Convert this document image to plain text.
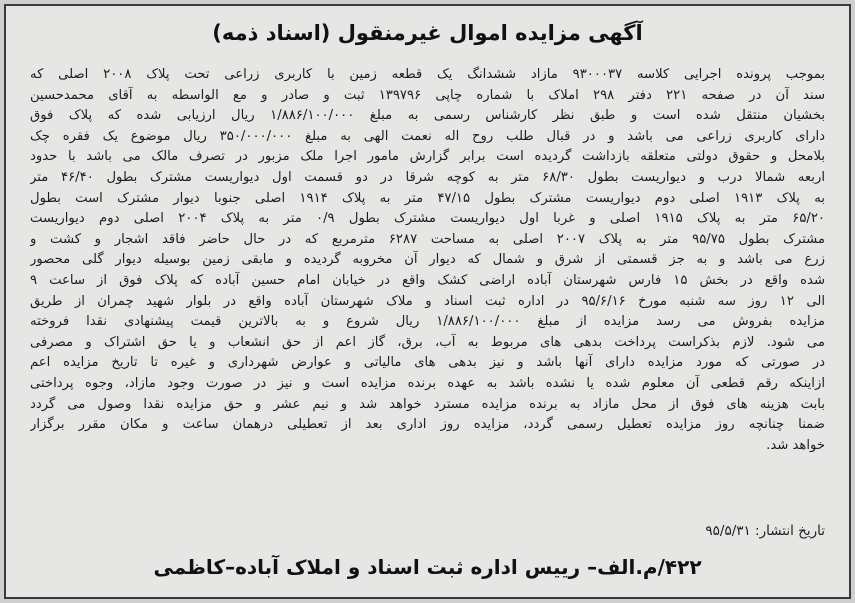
آگهی مزایده اموال غیرمنقول (اسناد ذمه)
بموجب پرونده اجرایی کلاسه ۹۳۰۰۰۳۷ مازاد ششدانگ یک قطعه زمین با کاربری زراعی تحت پلاک ۲۰۰۸ اصلی که
سند آن در صفحه ۲۲۱ دفتر ۲۹۸ املاک با شماره چاپی ۱۳۹۷۹۶ ثبت و صادر و مع الواسطه به آقای محمدحسین
بخشیان منتقل شده است و طبق نظر کارشناس رسمی به مبلغ ۱/۸۸۶/۱۰۰/۰۰۰ ریال ارزیابی شده که پلاک فوق
دارای کاربری زراعی می باشد و در قبال طلب روح اله نعمت الهی به مبلغ ۳۵۰/۰۰۰/۰۰۰ ریال موضوع یک فقره چک
بلامحل و حقوق دولتی متعلقه بازداشت گردیده است برابر گزارش مامور اجرا ملک مزبور در تصرف مالک می باشد با حدود
اربعه شمالا درب و دیواریست بطول ۶۸/۳۰ متر به کوچه شرقا در دو قسمت اول دیواریست مشترک بطول ۴۶/۴۰ متر
به پلاک ۱۹۱۳ اصلی دوم دیواریست مشترک بطول ۴۷/۱۵ متر به پلاک ۱۹۱۴ اصلی جنوبا دیوار مشترک است بطول
۶۵/۲۰ متر به پلاک ۱۹۱۵ اصلی و غربا اول دیواریست مشترک بطول ۰/۹ متر به پلاک ۲۰۰۴ اصلی دوم دیواریست
مشترک بطول ۹۵/۷۵ متر به پلاک ۲۰۰۷ اصلی به مساحت ۶۲۸۷ مترمربع که در حال حاضر فاقد اشجار و کشت و
زرع می باشد و به جز قسمتی از شرق و شمال که دیوار آن مخروبه گردیده و مابقی زمین بوسیله دیوار گلی محصور
شده واقع در بخش ۱۵ فارس شهرستان آباده اراضی کشک واقع در خیابان امام حسین آباده که پلاک فوق از ساعت ۹
الی ۱۲ روز سه شنبه مورخ ۹۵/۶/۱۶ در اداره ثبت اسناد و ملاک شهرستان آباده واقع در بلوار شهید چمران از طریق
مزایده بفروش می رسد مزایده از مبلغ ۱/۸۸۶/۱۰۰/۰۰۰ ریال شروع و به بالاترین قیمت پیشنهادی نقدا فروخته
می شود. لازم بذکراست پرداخت بدهی های مربوط به آب، برق، گاز اعم از حق انشعاب و یا حق اشتراک و مصرفی
در صورتی که مورد مزایده دارای آنها باشد و نیز بدهی های مالیاتی و عوارض شهرداری و غیره تا تاریخ مزایده اعم
ازاینکه رقم قطعی آن معلوم شده یا نشده باشد به عهده برنده مزایده است و نیز در صورت وجود مازاد، وجوه پرداختی
بابت هزینه های فوق از محل مازاد به برنده مزایده مسترد خواهد شد و نیم عشر و حق مزایده نقدا وصول می گردد
ضمنا چنانچه روز مزایده تعطیل رسمی گردد، مزایده روز اداری بعد از تعطیلی درهمان ساعت و مکان مقرر برگزار
خواهد شد.
تاریخ انتشار: ۹۵/۵/۳۱
۴۲۲/م.الف– رییس اداره ثبت اسناد و املاک آباده–کاظمی
